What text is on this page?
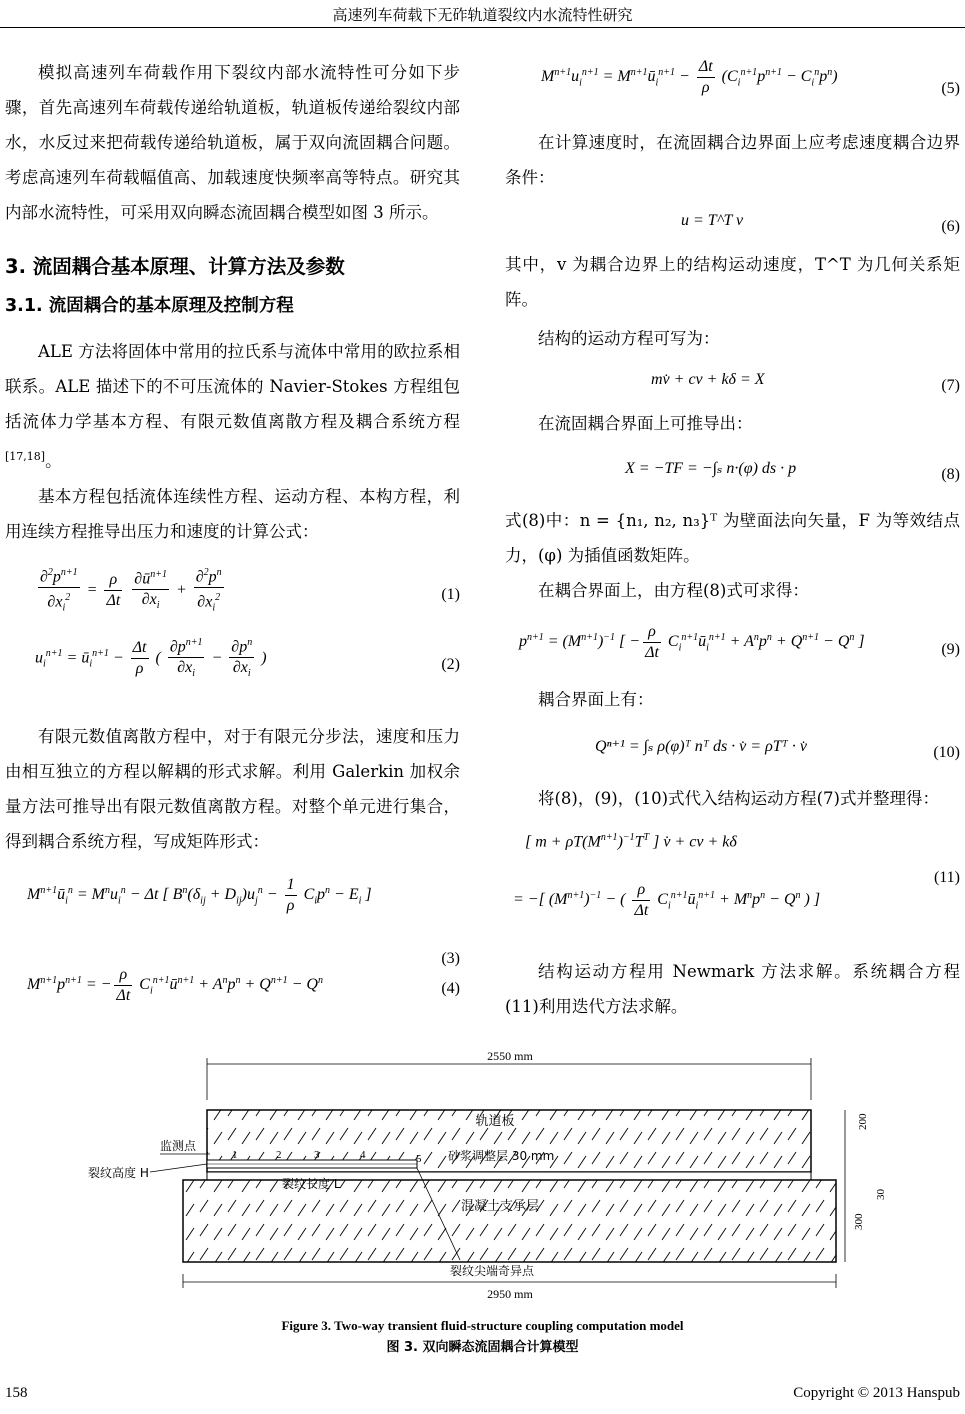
高速列车荷载下无砟轨道裂纹内水流特性研究

模拟高速列车荷载作用下裂纹内部水流特性可分如下步骤，首先高速列车荷载传递给轨道板，轨道板传递给裂纹内部水，水反过来把荷载传递给轨道板，属于双向流固耦合问题。考虑高速列车荷载幅值高、加载速度快频率高等特点。研究其内部水流特性，可采用双向瞬态流固耦合模型如图 3 所示。

3. 流固耦合基本原理、计算方法及参数
3.1. 流固耦合的基本原理及控制方程

ALE 方法将固体中常用的拉氏系与流体中常用的欧拉系相联系。ALE 描述下的不可压流体的 Navier-Stokes 方程组包括流体力学基本方程、有限元数值离散方程及耦合系统方程[17,18]。

基本方程包括流体连续性方程、运动方程、本构方程，利用连续方程推导出压力和速度的计算公式：

$\frac{\partial^2p^{n+1}}{\partial x_i^2} = \frac{\rho}{\Delta t}$
$\frac{\partial ū^{n+1}}{\partial x_i} + \frac{\partial^2p^n}{\partial x_i^2}$	(1)
$u_i^{n+1}$ = $ū_i^{n+1} - \frac{\Delta t}{\rho}$ ( $\frac{\partial p^{n+1}}{\partial x_i} - \frac{\partial p^n}{\partial x_i}$ )	(2)

有限元数值离散方程中，对于有限元分步法，速度和压力由相互独立的方程以解耦的形式求解。利用 Galerkin 加权余量方法可推导出有限元数值离散方程。对整个单元进行集合，得到耦合系统方程，写成矩阵形式：

$M^{n+1}ū_i^n = M^nu_i^n - \Delta t$ [ $B^n(\delta_{ij} + D_{ij})u_j^n - \frac{1}{\rho} C_ip^n - E_i$ ]
(3)
$M^{n+1}p^{n+1}$ = − $\frac{\rho}{\Delta t}$ $C_i^{n+1}ū^{n+1} + A^np^n + Q^{n+1} - Q^n$	(4)
$M^{n+1}u_i^{n+1}$ = $M^{n+1}ū_i^{n+1} - \frac{\Delta t}{\rho} (C_i^{n+1}p^{n+1} - C_i^np^n)$
(5)

在计算速度时，在流固耦合边界面上应考虑速度耦合边界条件：

u = T^T v	(6)

其中，v 为耦合边界上的结构运动速度，T^T 为几何关系矩阵。

结构的运动方程可写为：

mv̇ + cv + kδ = X	(7)

在流固耦合界面上可推导出：

X = −TF = −∫ₛ n·(φ) ds · p	(8)

式(8)中：n = {n₁, n₂, n₃}ᵀ 为壁面法向矢量，F 为等效结点力，(φ) 为插值函数矩阵。

在耦合界面上，由方程(8)式可求得：

$p^{n+1} = (M^{n+1})^{-1}$ [ − $\frac{\rho}{\Delta t}$ $C_i^{n+1}ū_i^{n+1} + A^np^n + Q^{n+1} - Q^n$ ]	(9)

耦合界面上有：

Qⁿ⁺¹ = ∫ₛ ρ(φ)ᵀ nᵀ ds · v̇ = ρTᵀ · v̇	(10)

将(8)，(9)，(10)式代入结构运动方程(7)式并整理得：

[ $m + \rho T(M^{n+1})^{-1}T^T$ ] v̇ + cv + kδ
= −[ $(M^{n+1})^{-1}$ − ( $\frac{\rho}{\Delta t}$ $C_i^{n+1}ū_i^{n+1} + M^np^n - Q^n$ ) ]
(11)

结构运动方程用 Newmark 方法求解。系统耦合方程(11)利用迭代方法求解。

2550 mm
轨道板
混凝土支承层
1	2	3	4	5 砂浆调整层 30 mm
监测点
裂纹高度 H
裂纹长度 L
裂纹尖端奇异点
200
300
30
2950 mm
Figure 3. Two-way transient fluid-structure coupling computation model
图 3. 双向瞬态流固耦合计算模型
158	Copyright © 2013 Hanspub
